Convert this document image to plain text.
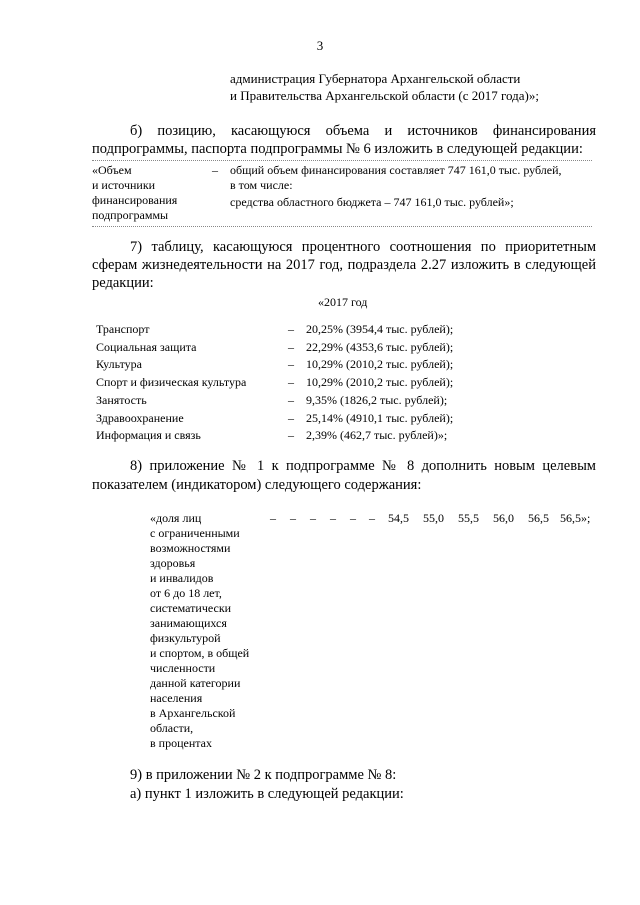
3
администрация Губернатора Архангельской области
и Правительства Архангельской области (с 2017 года)»;
б) позицию, касающуюся объема и источников финансирования
подпрограммы, паспорта подпрограммы № 6 изложить в следующей редакции:
«Объем
и источники
финансирования
подпрограммы
– общий объем финансирования составляет 747 161,0 тыс. рублей,
в том числе:
средства областного бюджета – 747 161,0 тыс. рублей»;
7) таблицу, касающуюся процентного соотношения по приоритетным
сферам жизнедеятельности на 2017 год, подраздела 2.27 изложить в следующей
редакции:
«2017 год
Транспорт	– 20,25% (3954,4 тыс. рублей);
Социальная защита	– 22,29% (4353,6 тыс. рублей);
Культура	– 10,29% (2010,2 тыс. рублей);
Спорт и физическая культура	– 10,29% (2010,2 тыс. рублей);
Занятость	– 9,35% (1826,2 тыс. рублей);
Здравоохранение	– 25,14% (4910,1 тыс. рублей);
Информация и связь	– 2,39% (462,7 тыс. рублей)»;
8) приложение № 1 к подпрограмме № 8 дополнить новым целевым
показателем (индикатором) следующего содержания:
«доля лиц
с ограниченными
возможностями
здоровья
и инвалидов
от 6 до 18 лет,
систематически
занимающихся
физкультурой
и спортом, в общей
численности
данной категории
населения
в Архангельской
области,
в процентах
– – – – – – 54,5 55,0 55,5 56,0 56,5 56,5»;
9) в приложении № 2 к подпрограмме № 8:
а) пункт 1 изложить в следующей редакции:
